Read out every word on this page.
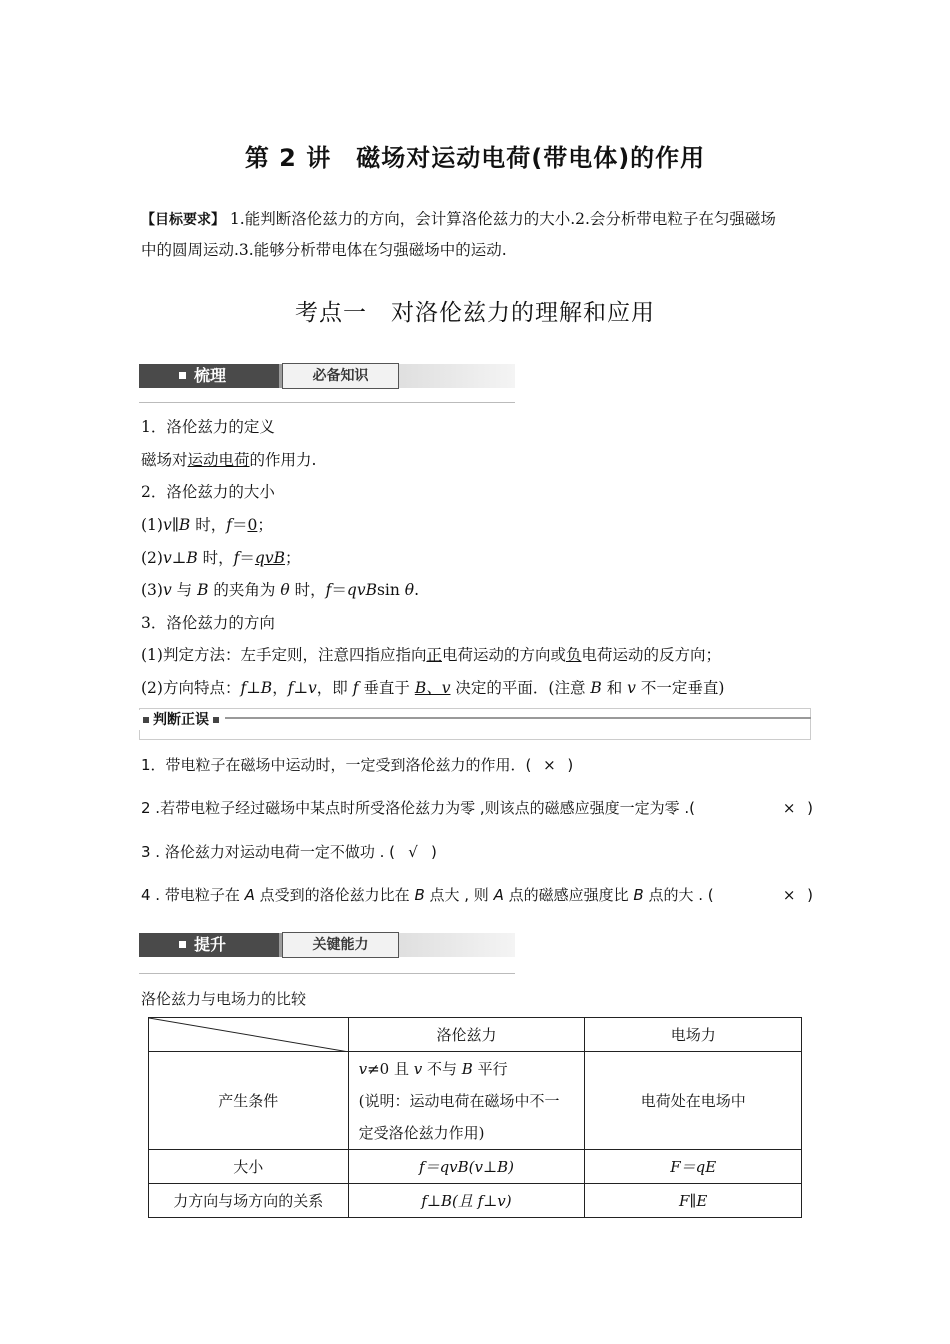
第 2 讲　磁场对运动电荷(带电体)的作用
【目标要求】 1.能判断洛伦兹力的方向，会计算洛伦兹力的大小.2.会分析带电粒子在匀强磁场
中的圆周运动.3.能够分析带电体在匀强磁场中的运动.
考点一　对洛伦兹力的理解和应用
梳理	必备知识
1．洛伦兹力的定义
磁场对运动电荷的作用力.
2．洛伦兹力的大小
(1)v∥B 时，f＝0；
(2)v⊥B 时，f＝qvB；
(3)v 与 B 的夹角为 θ 时，f＝qvBsin θ.
3．洛伦兹力的方向
(1)判定方法：左手定则，注意四指应指向正电荷运动的方向或负电荷运动的反方向；
(2)方向特点：f⊥B，f⊥v，即 f 垂直于 B、v 决定的平面．(注意 B 和 v 不一定垂直)
判断正误
1．带电粒子在磁场中运动时，一定受到洛伦兹力的作用．( × )
2 .若带电粒子经过磁场中某点时所受洛伦兹力为零 ,则该点的磁感应强度一定为零 .(	× )
3 . 洛伦兹力对运动电荷一定不做功 . ( √ )
4 . 带电粒子在 A 点受到的洛伦兹力比在 B 点大 , 则 A 点的磁感应强度比 B 点的大 . (	× )
提升	关键能力
洛伦兹力与电场力的比较
	洛伦兹力	电场力
产生条件	v≠0 且 v 不与 B 平行
(说明：运动电荷在磁场中不一
定受洛伦兹力作用)	电荷处在电场中
大小	f＝qvB(v⊥B)	F＝qE
力方向与场方向的关系	f⊥B(且 f⊥v)	F∥E
